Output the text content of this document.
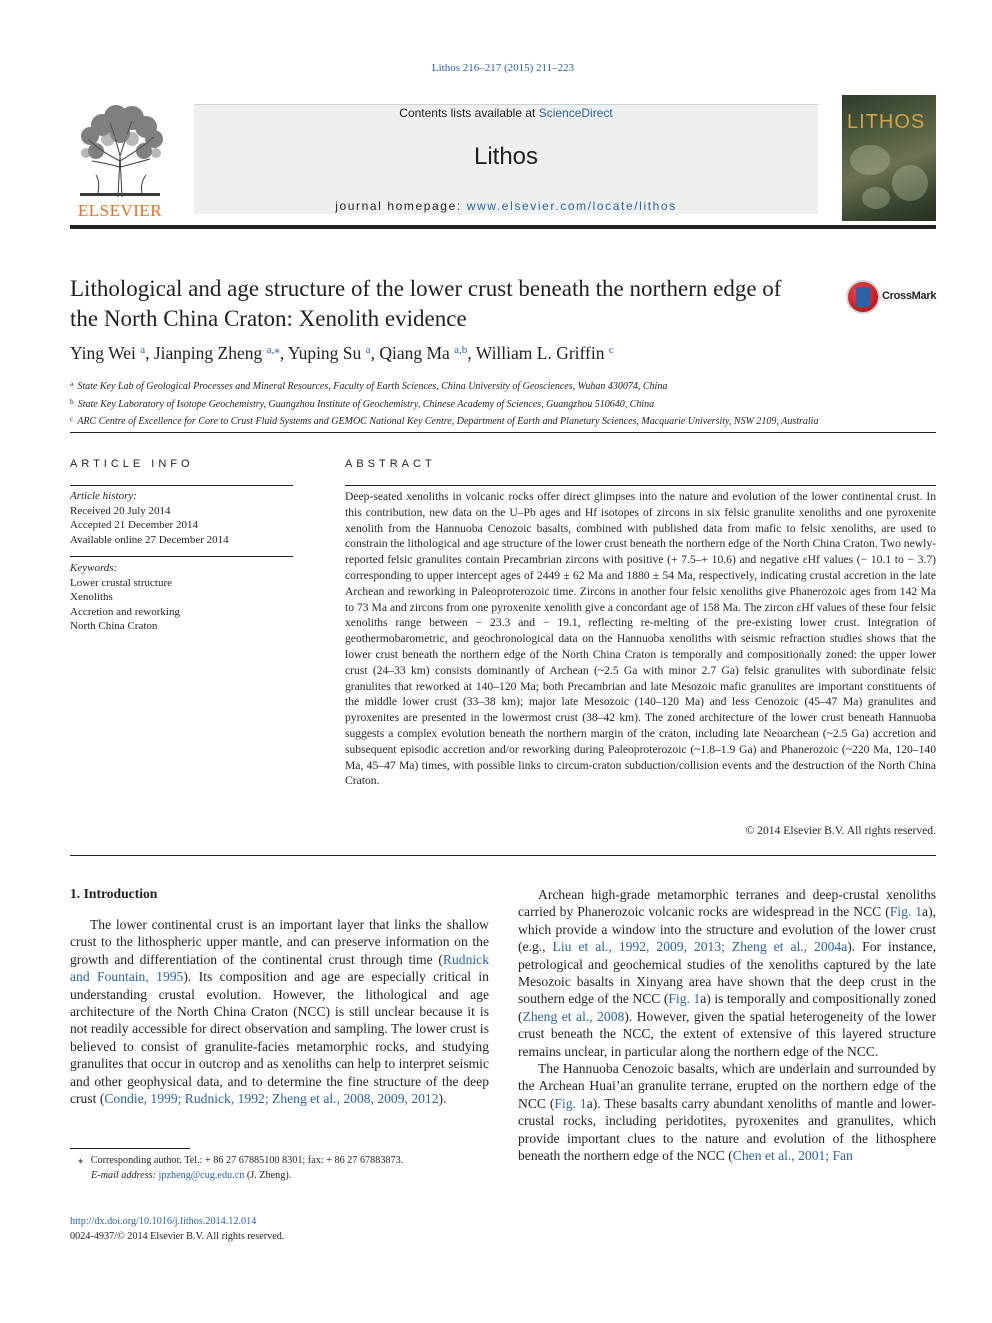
Lithos 216–217 (2015) 211–223
ELSEVIER
Contents lists available at ScienceDirect
Lithos
journal homepage: www.elsevier.com/locate/lithos
LITHOS
Lithological and age structure of the lower crust beneath the northern edge of the North China Craton: Xenolith evidence
CrossMark
Ying Wei $^a$, Jianping Zheng $^{a,⁎}$, Yuping Su $^a$, Qiang Ma $^{a,b}$, William L. Griffin $^c$
$^a$ State Key Lab of Geological Processes and Mineral Resources, Faculty of Earth Sciences, China University of Geosciences, Wuhan 430074, China
$^b$ State Key Laboratory of Isotope Geochemistry, Guangzhou Institute of Geochemistry, Chinese Academy of Sciences, Guangzhou 510640, China
$^c$ ARC Centre of Excellence for Core to Crust Fluid Systems and GEMOC National Key Centre, Department of Earth and Planetary Sciences, Macquarie University, NSW 2109, Australia
ARTICLE INFO
Article history:
Received 20 July 2014
Accepted 21 December 2014
Available online 27 December 2014
Keywords:
Lower crustal structure
Xenoliths
Accretion and reworking
North China Craton
ABSTRACT
Deep-seated xenoliths in volcanic rocks offer direct glimpses into the nature and evolution of the lower continental crust. In this contribution, new data on the U–Pb ages and Hf isotopes of zircons in six felsic granulite xenoliths and one pyroxenite xenolith from the Hannuoba Cenozoic basalts, combined with published data from mafic to felsic xenoliths, are used to constrain the lithological and age structure of the lower crust beneath the northern edge of the North China Craton. Two newly-reported felsic granulites contain Precambrian zircons with positive (+ 7.5–+ 10.6) and negative εHf values (− 10.1 to − 3.7) corresponding to upper intercept ages of 2449 ± 62 Ma and 1880 ± 54 Ma, respectively, indicating crustal accretion in the late Archean and reworking in Paleoproterozoic time. Zircons in another four felsic xenoliths give Phanerozoic ages from 142 Ma to 73 Ma and zircons from one pyroxenite xenolith give a concordant age of 158 Ma. The zircon εHf values of these four felsic xenoliths range between − 23.3 and − 19.1, reflecting re-melting of the pre-existing lower crust. Integration of geothermobarometric, and geochronological data on the Hannuoba xenoliths with seismic refraction studies shows that the lower crust beneath the northern edge of the North China Craton is temporally and compositionally zoned: the upper lower crust (24–33 km) consists dominantly of Archean (~2.5 Ga with minor 2.7 Ga) felsic granulites with subordinate felsic granulites that reworked at 140–120 Ma; both Precambrian and late Mesozoic mafic granulites are important constituents of the middle lower crust (33–38 km); major late Mesozoic (140–120 Ma) and less Cenozoic (45–47 Ma) granulites and pyroxenites are presented in the lowermost crust (38–42 km). The zoned architecture of the lower crust beneath Hannuoba suggests a complex evolution beneath the northern margin of the craton, including late Neoarchean (~2.5 Ga) accretion and subsequent episodic accretion and/or reworking during Paleoproterozoic (~1.8–1.9 Ga) and Phanerozoic (~220 Ma, 120–140 Ma, 45–47 Ma) times, with possible links to circum-craton subduction/collision events and the destruction of the North China Craton.
© 2014 Elsevier B.V. All rights reserved.
1. Introduction

The lower continental crust is an important layer that links the shallow crust to the lithospheric upper mantle, and can preserve information on the growth and differentiation of the continental crust through time (Rudnick and Fountain, 1995). Its composition and age are especially critical in understanding crustal evolution. However, the lithological and age architecture of the North China Craton (NCC) is still unclear because it is not readily accessible for direct observation and sampling. The lower crust is believed to consist of granulite-facies metamorphic rocks, and studying granulites that occur in outcrop and as xenoliths can help to interpret seismic and other geophysical data, and to determine the fine structure of the deep crust (Condie, 1999; Rudnick, 1992; Zheng et al., 2008, 2009, 2012).

Archean high-grade metamorphic terranes and deep-crustal xenoliths carried by Phanerozoic volcanic rocks are widespread in the NCC (Fig. 1a), which provide a window into the structure and evolution of the lower crust (e.g., Liu et al., 1992, 2009, 2013; Zheng et al., 2004a). For instance, petrological and geochemical studies of the xenoliths captured by the late Mesozoic basalts in Xinyang area have shown that the deep crust in the southern edge of the NCC (Fig. 1a) is temporally and compositionally zoned (Zheng et al., 2008). However, given the spatial heterogeneity of the lower crust beneath the NCC, the extent of extensive of this layered structure remains unclear, in particular along the northern edge of the NCC.

The Hannuoba Cenozoic basalts, which are underlain and surrounded by the Archean Huai’an granulite terrane, erupted on the northern edge of the NCC (Fig. 1a). These basalts carry abundant xenoliths of mantle and lower-crustal rocks, including peridotites, pyroxenites and granulites, which provide important clues to the nature and evolution of the lithosphere beneath the northern edge of the NCC (Chen et al., 2001; Fan

⁎   Corresponding author. Tel.: + 86 27 67885100 8301; fax: + 86 27 67883873.
E-mail address: jpzheng@cug.edu.cn (J. Zheng).
http://dx.doi.org/10.1016/j.lithos.2014.12.014
0024-4937/© 2014 Elsevier B.V. All rights reserved.
